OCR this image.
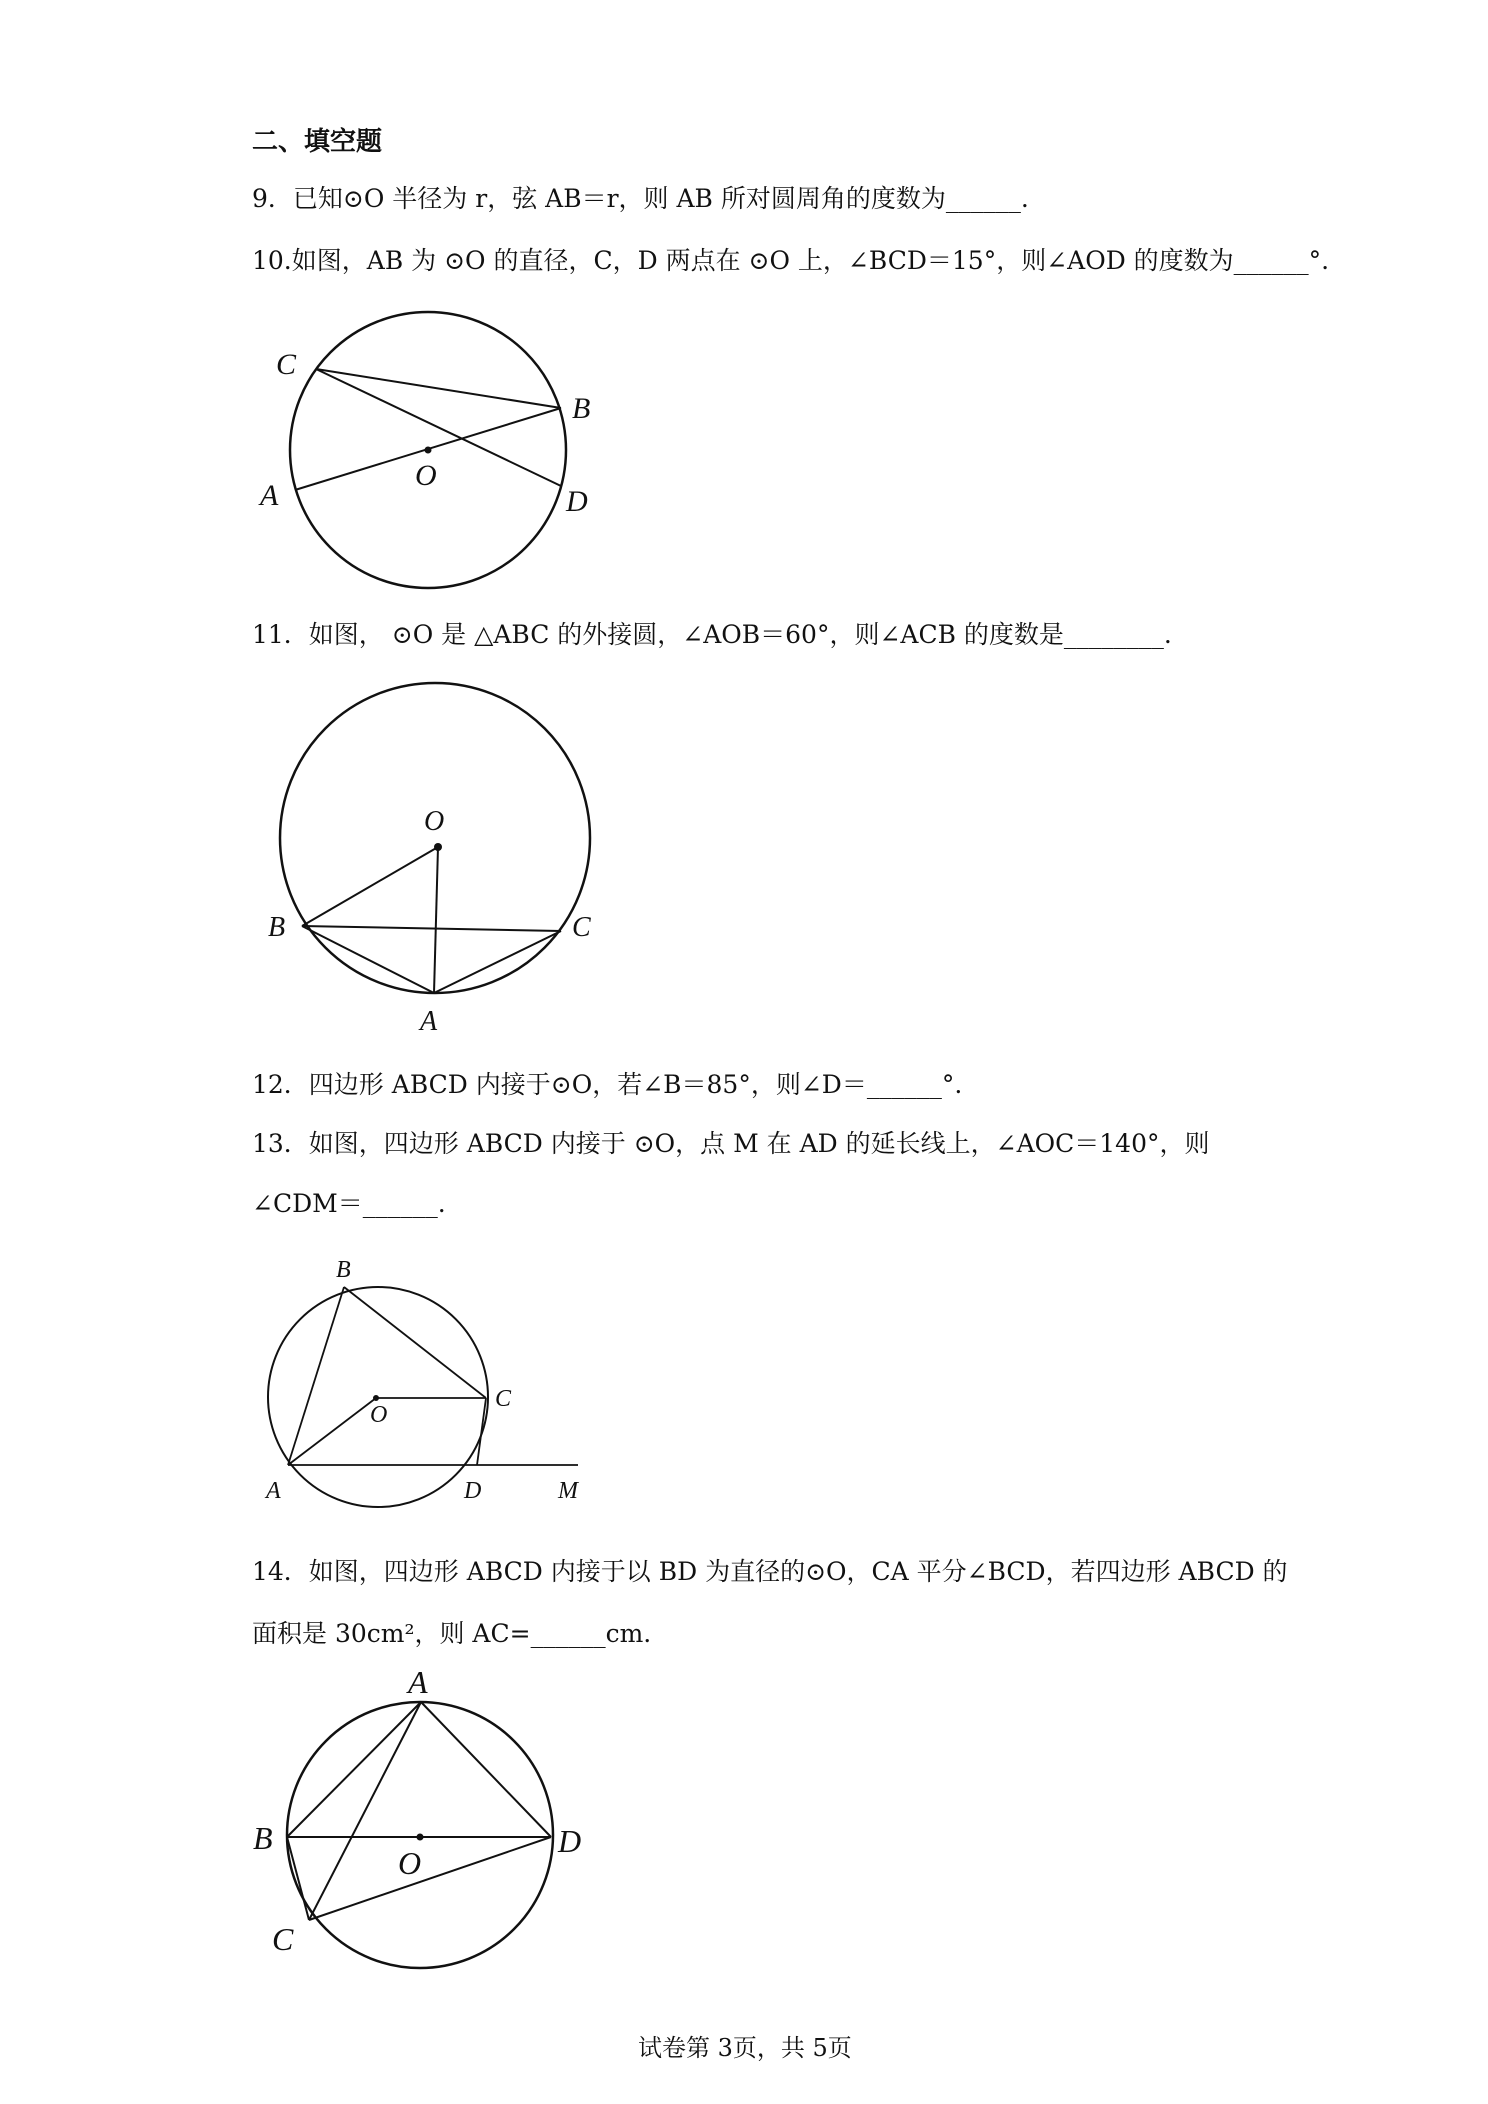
二、填空题
9．已知⊙O 半径为 r，弦 AB＝r，则 AB 所对圆周角的度数为______.
10.如图，AB 为 ⊙O 的直径，C，D 两点在 ⊙O 上，∠BCD＝15°，则∠AOD 的度数为______°.
C
B
A
O
D
11．如图， ⊙O 是 △ABC 的外接圆，∠AOB＝60°，则∠ACB 的度数是________.
O
B	C
A
12．四边形 ABCD 内接于⊙O，若∠B＝85°，则∠D＝______°.
13．如图，四边形 ABCD 内接于 ⊙O，点 M 在 AD 的延长线上，∠AOC＝140°，则
∠CDM＝______.
B
C
O
A	D	M
14．如图，四边形 ABCD 内接于以 BD 为直径的⊙O，CA 平分∠BCD，若四边形 ABCD 的
面积是 30cm²，则 AC=______cm.
A
B
O
D
C
试卷第 3页，共 5页
